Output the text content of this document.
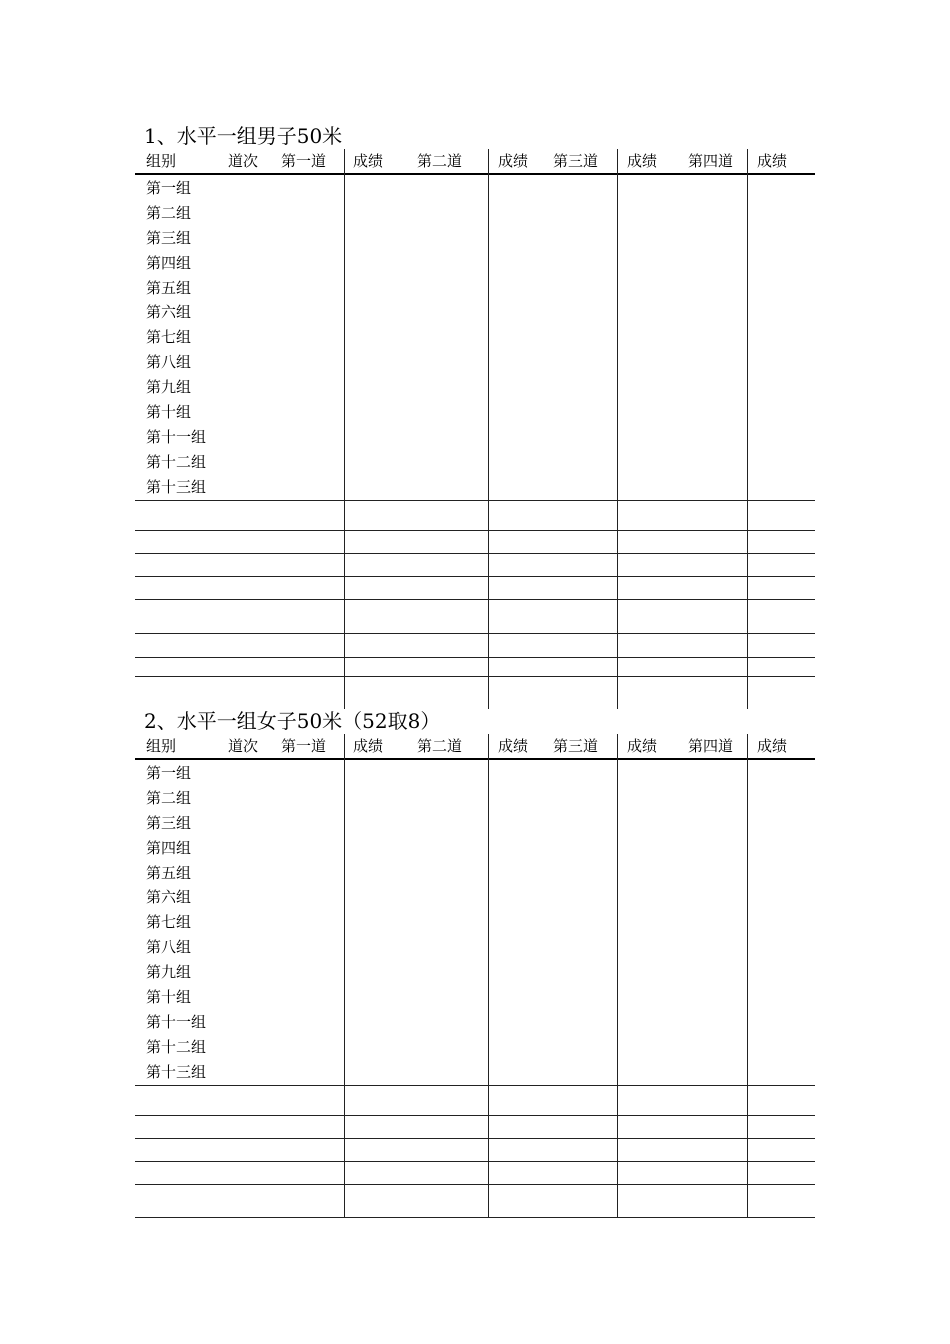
1、水平一组男子50米
组别	道次 第一道 成绩 第二道 成绩 第三道 成绩 第四道 成绩
第一组
第二组
第三组
第四组
第五组
第六组
第七组
第八组
第九组
第十组
第十一组
第十二组
第十三组
2、水平一组女子50米（52取8）
组别	道次 第一道 成绩 第二道 成绩 第三道 成绩 第四道 成绩
第一组
第二组
第三组
第四组
第五组
第六组
第七组
第八组
第九组
第十组
第十一组
第十二组
第十三组
